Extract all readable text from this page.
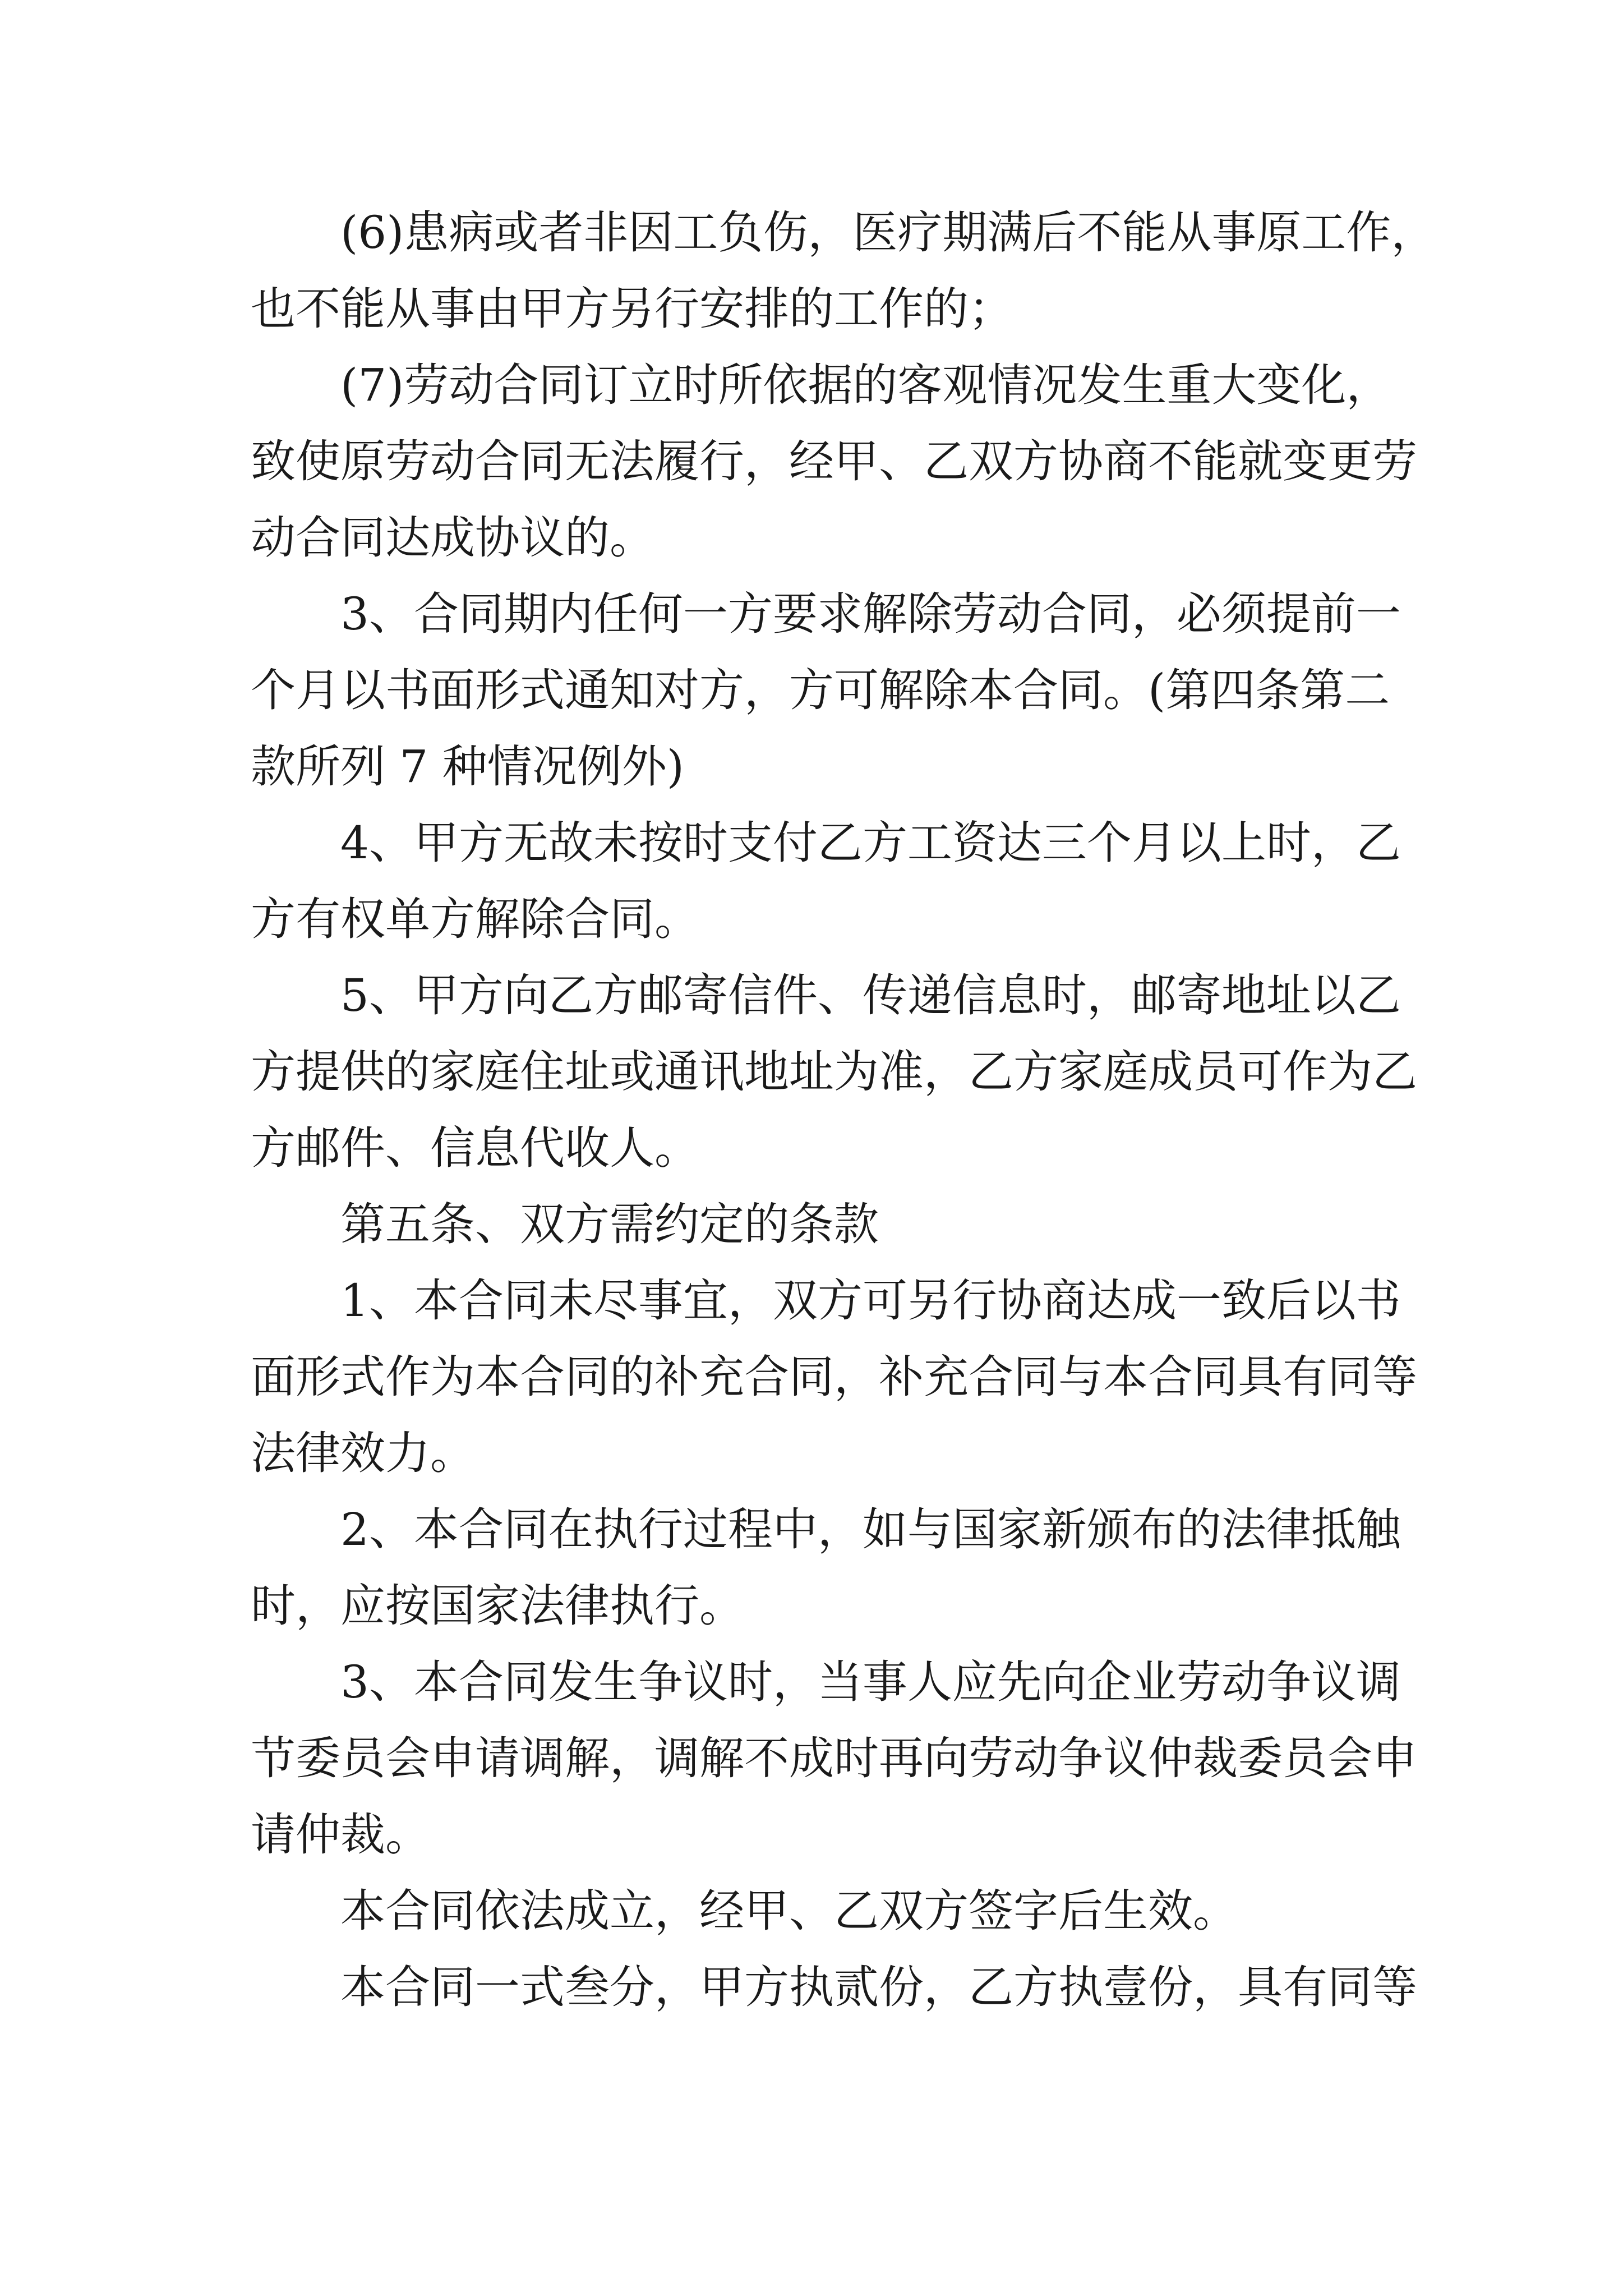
(6)患病或者非因工负伤，医疗期满后不能从事原工作，
也不能从事由甲方另行安排的工作的；
(7)劳动合同订立时所依据的客观情况发生重大变化，
致使原劳动合同无法履行，经甲、乙双方协商不能就变更劳
动合同达成协议的。
3、合同期内任何一方要求解除劳动合同，必须提前一
个月以书面形式通知对方，方可解除本合同。(第四条第二
款所列 7 种情况例外)
4、甲方无故未按时支付乙方工资达三个月以上时，乙
方有权单方解除合同。
5、甲方向乙方邮寄信件、传递信息时，邮寄地址以乙
方提供的家庭住址或通讯地址为准，乙方家庭成员可作为乙
方邮件、信息代收人。
第五条、双方需约定的条款
1、本合同未尽事宜，双方可另行协商达成一致后以书
面形式作为本合同的补充合同，补充合同与本合同具有同等
法律效力。
2、本合同在执行过程中，如与国家新颁布的法律抵触
时，应按国家法律执行。
3、本合同发生争议时，当事人应先向企业劳动争议调
节委员会申请调解，调解不成时再向劳动争议仲裁委员会申
请仲裁。
本合同依法成立，经甲、乙双方签字后生效。
本合同一式叁分，甲方执贰份，乙方执壹份，具有同等
